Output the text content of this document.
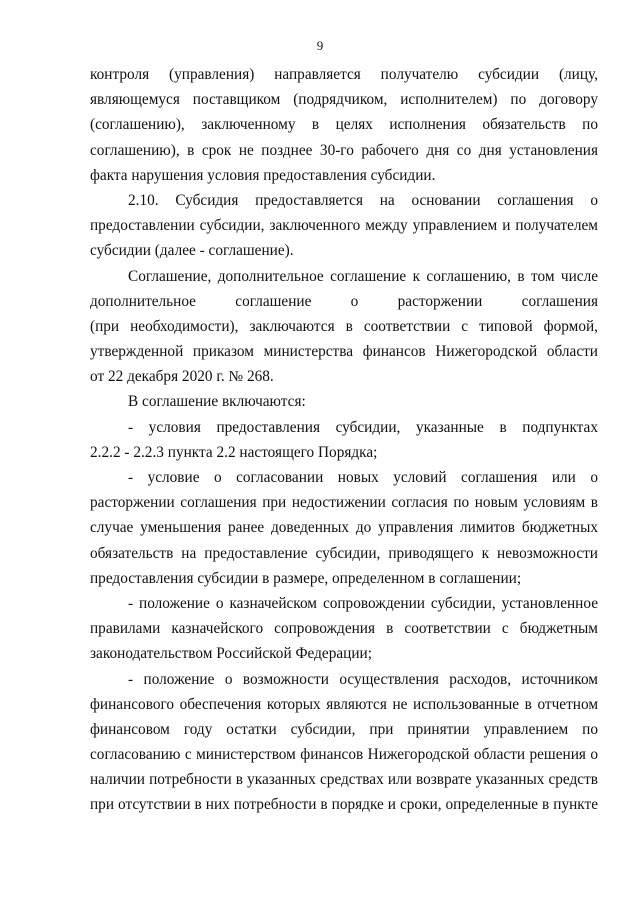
9
контроля (управления) направляется получателю субсидии (лицу,
являющемуся поставщиком (подрядчиком, исполнителем) по договору
(соглашению), заключенному в целях исполнения обязательств по
соглашению), в срок не позднее 30-го рабочего дня со дня установления
факта нарушения условия предоставления субсидии.
2.10. Субсидия предоставляется на основании соглашения о
предоставлении субсидии, заключенного между управлением и получателем
субсидии (далее - соглашение).
Соглашение, дополнительное соглашение к соглашению, в том числе
дополнительное соглашение о расторжении соглашения
(при необходимости), заключаются в соответствии с типовой формой,
утвержденной приказом министерства финансов Нижегородской области
от 22 декабря 2020 г. № 268.
В соглашение включаются:
- условия предоставления субсидии, указанные в подпунктах
2.2.2 - 2.2.3 пункта 2.2 настоящего Порядка;
- условие о согласовании новых условий соглашения или о
расторжении соглашения при недостижении согласия по новым условиям в
случае уменьшения ранее доведенных до управления лимитов бюджетных
обязательств на предоставление субсидии, приводящего к невозможности
предоставления субсидии в размере, определенном в соглашении;
- положение о казначейском сопровождении субсидии, установленное
правилами казначейского сопровождения в соответствии с бюджетным
законодательством Российской Федерации;
- положение о возможности осуществления расходов, источником
финансового обеспечения которых являются не использованные в отчетном
финансовом году остатки субсидии, при принятии управлением по
согласованию с министерством финансов Нижегородской области решения о
наличии потребности в указанных средствах или возврате указанных средств
при отсутствии в них потребности в порядке и сроки, определенные в пункте
